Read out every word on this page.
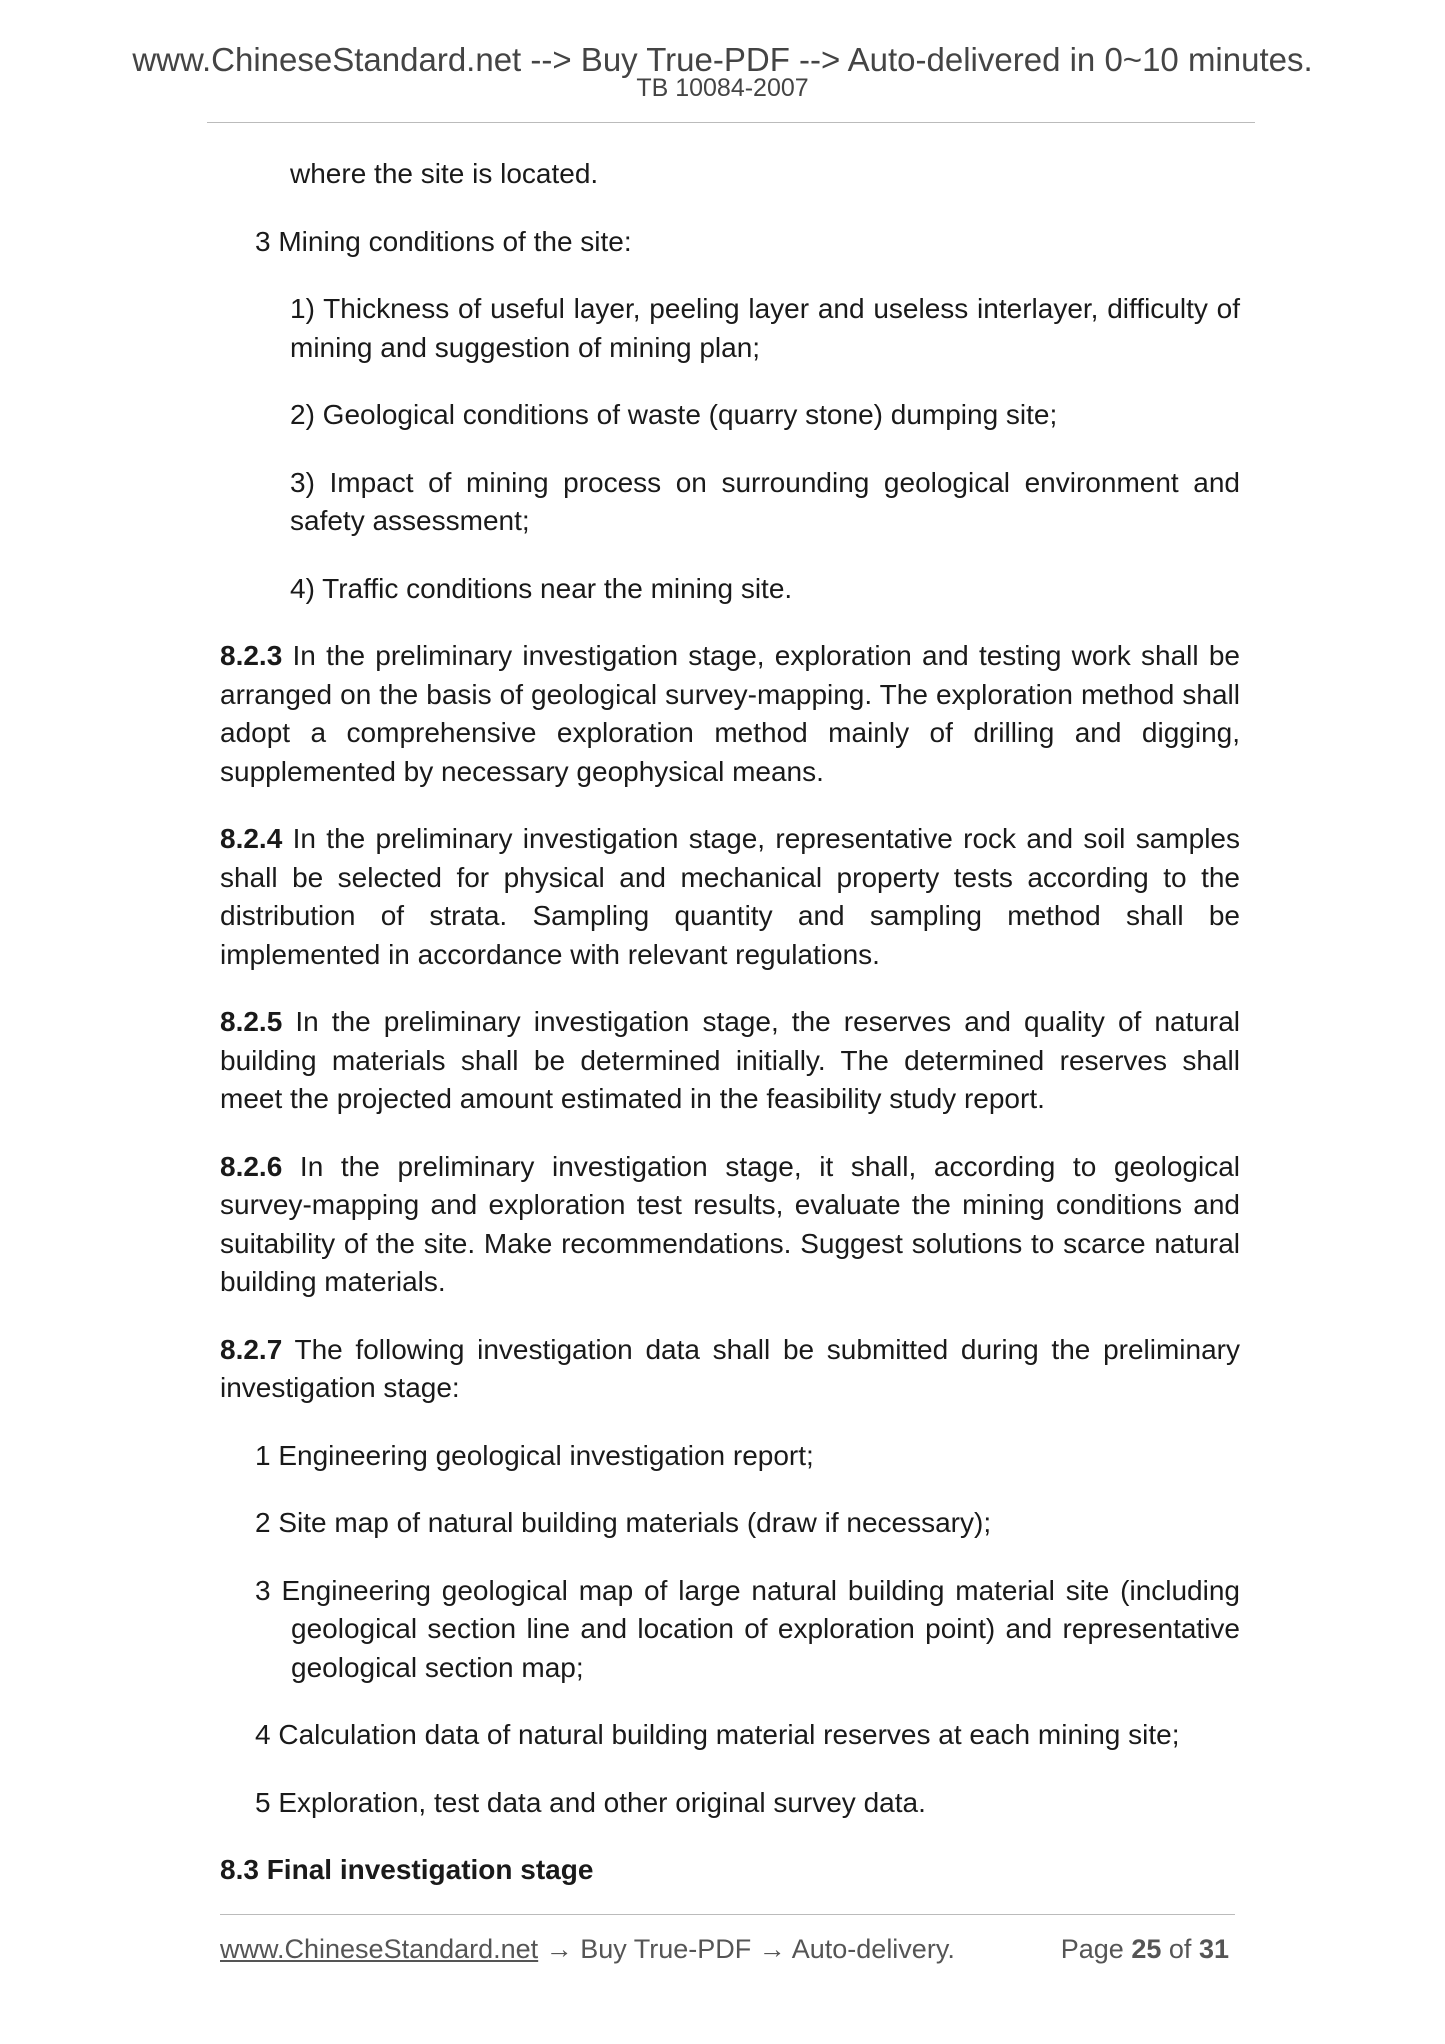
www.ChineseStandard.net --> Buy True-PDF --> Auto-delivered in 0~10 minutes.
TB 10084-2007

where the site is located.

3 Mining conditions of the site:

1) Thickness of useful layer, peeling layer and useless interlayer, difficulty of mining and suggestion of mining plan;

2) Geological conditions of waste (quarry stone) dumping site;

3) Impact of mining process on surrounding geological environment and safety assessment;

4) Traffic conditions near the mining site.

8.2.3 In the preliminary investigation stage, exploration and testing work shall be arranged on the basis of geological survey-mapping. The exploration method shall adopt a comprehensive exploration method mainly of drilling and digging, supplemented by necessary geophysical means.

8.2.4 In the preliminary investigation stage, representative rock and soil samples shall be selected for physical and mechanical property tests according to the distribution of strata. Sampling quantity and sampling method shall be implemented in accordance with relevant regulations.

8.2.5 In the preliminary investigation stage, the reserves and quality of natural building materials shall be determined initially. The determined reserves shall meet the projected amount estimated in the feasibility study report.

8.2.6 In the preliminary investigation stage, it shall, according to geological survey-mapping and exploration test results, evaluate the mining conditions and suitability of the site. Make recommendations. Suggest solutions to scarce natural building materials.

8.2.7 The following investigation data shall be submitted during the preliminary investigation stage:

1 Engineering geological investigation report;

2 Site map of natural building materials (draw if necessary);

3 Engineering geological map of large natural building material site (including geological section line and location of exploration point) and representative geological section map;

4 Calculation data of natural building material reserves at each mining site;

5 Exploration, test data and other original survey data.

8.3 Final investigation stage

www.ChineseStandard.net → Buy True-PDF → Auto-delivery.	Page 25 of 31
